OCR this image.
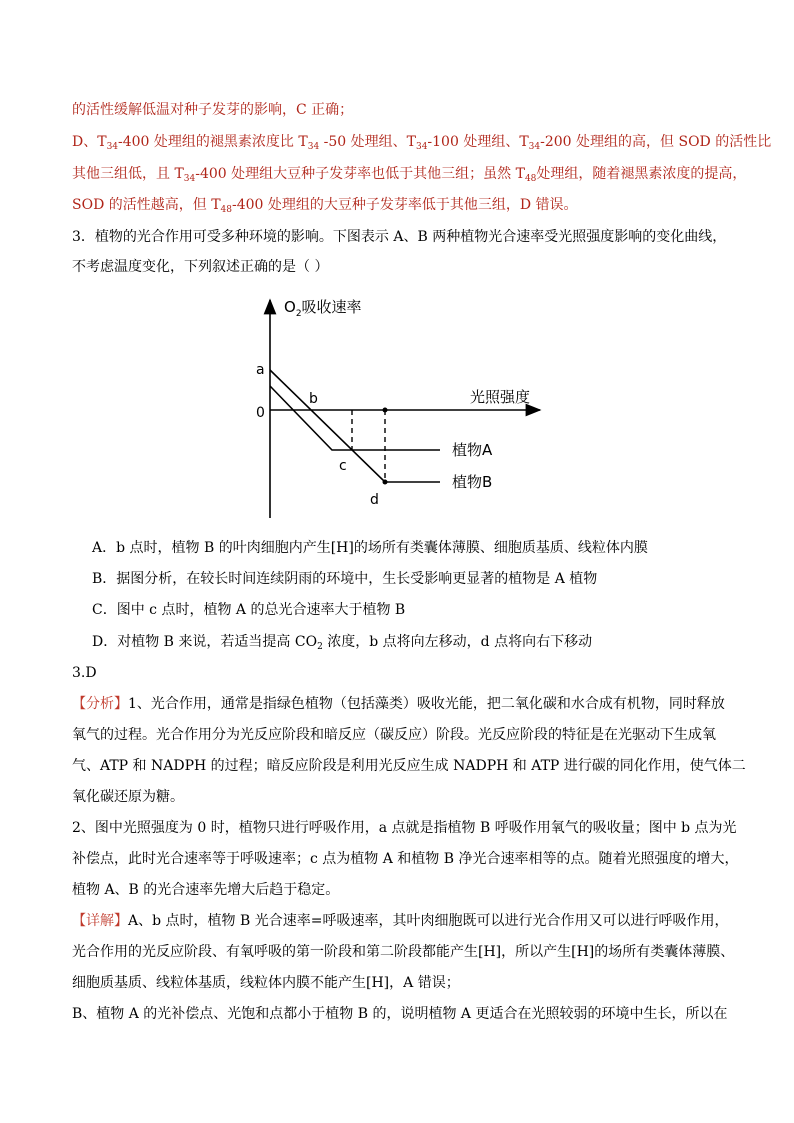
的活性缓解低温对种子发芽的影响，C 正确；
D、$T_{34}-400$ 处理组的褪黑素浓度比 $T_{34}$ -50 处理组、$T_{34}-100$ 处理组、$T_{34}-200$ 处理组的高，但 SOD 的活性比
其他三组低，且 $T_{34}-400$ 处理组大豆种子发芽率也低于其他三组；虽然 $T_{48}$处理组，随着褪黑素浓度的提高，
SOD 的活性越高，但 $T_{48}-400$ 处理组的大豆种子发芽率低于其他三组，D 错误。
3．植物的光合作用可受多种环境的影响。下图表示 A、B 两种植物光合速率受光照强度影响的变化曲线，
不考虑温度变化，下列叙述正确的是（ ）
$O_2$吸收速率
光照强度
0
a
b
c
d
植物A
植物B
A．b 点时，植物 B 的叶肉细胞内产生[H]的场所有类囊体薄膜、细胞质基质、线粒体内膜
B．据图分析，在较长时间连续阴雨的环境中，生长受影响更显著的植物是 A 植物
C．图中 c 点时，植物 A 的总光合速率大于植物 B
D．对植物 B 来说，若适当提高 $CO_2$ 浓度，b 点将向左移动，d 点将向右下移动
3.D
【分析】1、光合作用，通常是指绿色植物（包括藻类）吸收光能，把二氧化碳和水合成有机物，同时释放
氧气的过程。光合作用分为光反应阶段和暗反应（碳反应）阶段。光反应阶段的特征是在光驱动下生成氧
气、ATP 和 NADPH 的过程；暗反应阶段是利用光反应生成 NADPH 和 ATP 进行碳的同化作用，使气体二
氧化碳还原为糖。
2、图中光照强度为 0 时，植物只进行呼吸作用，a 点就是指植物 B 呼吸作用氧气的吸收量；图中 b 点为光
补偿点，此时光合速率等于呼吸速率；c 点为植物 A 和植物 B 净光合速率相等的点。随着光照强度的增大，
植物 A、B 的光合速率先增大后趋于稳定。
【详解】A、b 点时，植物 B 光合速率=呼吸速率，其叶肉细胞既可以进行光合作用又可以进行呼吸作用，
光合作用的光反应阶段、有氧呼吸的第一阶段和第二阶段都能产生[H]，所以产生[H]的场所有类囊体薄膜、
细胞质基质、线粒体基质，线粒体内膜不能产生[H]，A 错误；
B、植物 A 的光补偿点、光饱和点都小于植物 B 的，说明植物 A 更适合在光照较弱的环境中生长，所以在
